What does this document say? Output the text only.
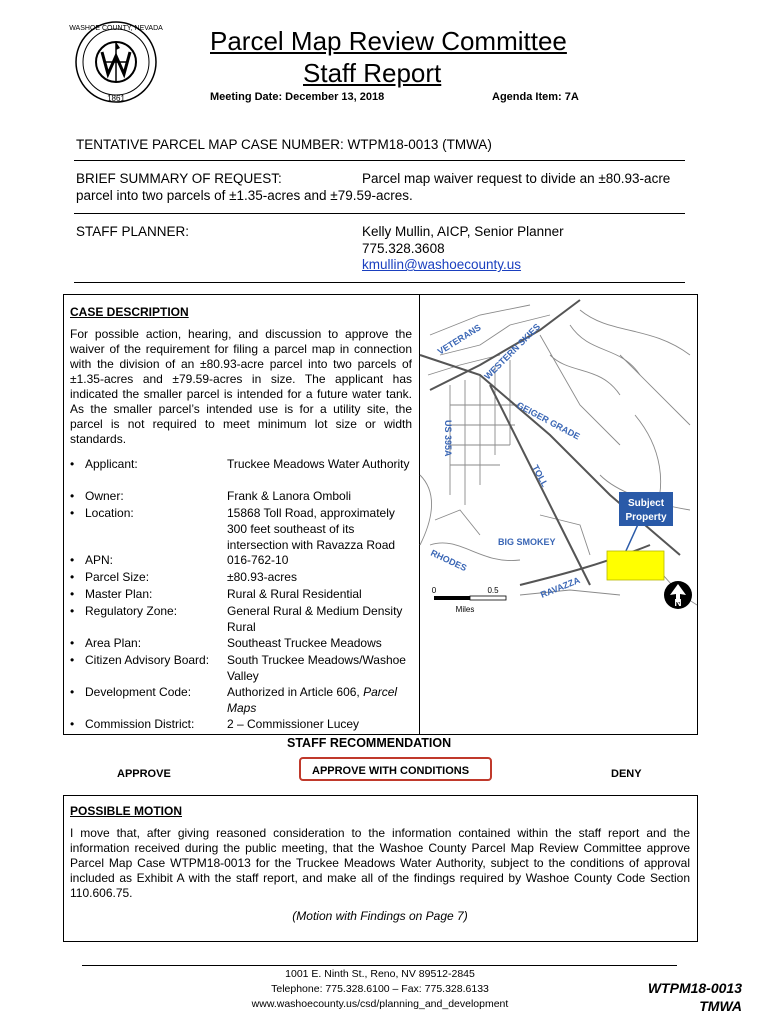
WASHOE COUNTY, NEVADA
1861
Parcel Map Review Committee
Staff Report
Meeting Date: December 13, 2018	Agenda Item: 7A
TENTATIVE PARCEL MAP CASE NUMBER: WTPM18-0013 (TMWA)
BRIEF SUMMARY OF REQUEST:	Parcel map waiver request to divide an ±80.93-acre
parcel into two parcels of ±1.35-acres and ±79.59-acres.
STAFF PLANNER:	Kelly Mullin, AICP, Senior Planner
775.328.3608
kmullin@washoecounty.us
CASE DESCRIPTION
For possible action, hearing, and discussion to approve the waiver of the requirement for filing a parcel map in connection with the division of an ±80.93-acre parcel into two parcels of ±1.35-acres and ±79.59-acres in size. The applicant has indicated the smaller parcel is intended for a future water tank. As the smaller parcel’s intended use is for a utility site, the parcel is not required to meet minimum lot size or width standards.
• Applicant:	Truckee Meadows Water Authority
• Owner:	Frank & Lanora Omboli
• Location:	15868 Toll Road, approximately 300 feet southeast of its intersection with Ravazza Road
• APN:	016-762-10
• Parcel Size:	±80.93-acres
• Master Plan:	Rural & Rural Residential
• Regulatory Zone:	General Rural & Medium Density Rural
• Area Plan:	Southeast Truckee Meadows
• Citizen Advisory Board:	South Truckee Meadows/Washoe Valley
• Development Code:	Authorized in Article 606, Parcel Maps
• Commission District:	2 – Commissioner Lucey
VETERANS WESTERN SKIES
GEIGER GRADE
US 395A
TOLL
BIG SMOKEY
RHODES
RAVAZZA
Subject
Property
0	0.5
Miles
N
STAFF RECOMMENDATION
APPROVE	APPROVE WITH CONDITIONS	DENY
POSSIBLE MOTION
I move that, after giving reasoned consideration to the information contained within the staff report and the information received during the public meeting, that the Washoe County Parcel Map Review Committee approve Parcel Map Case WTPM18-0013 for the Truckee Meadows Water Authority, subject to the conditions of approval included as Exhibit A with the staff report, and make all of the findings required by Washoe County Code Section 110.606.75.
(Motion with Findings on Page 7)
1001 E. Ninth St., Reno, NV 89512-2845
Telephone: 775.328.6100 – Fax: 775.328.6133
www.washoecounty.us/csd/planning_and_development
WTPM18-0013
TMWA
